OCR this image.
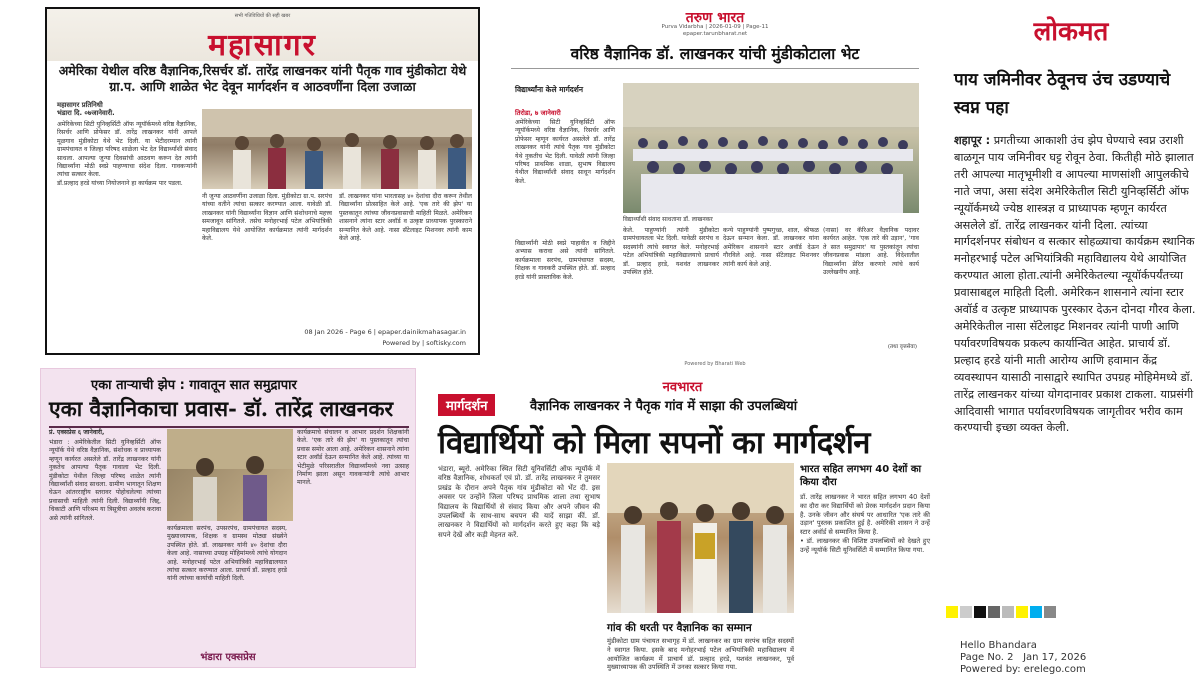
सभी गतिविधियों की सही खबर
महासागर
अमेरिका येथील वरिष्ठ वैज्ञानिक,रिसर्चर डॉ. तारेंद्र लाखनकर यांनी पैतृक गाव मुंडीकोटा येथे ग्रा.प. आणि शाळेत भेट देवून मार्गदर्शन व आठवणींना दिला उजाळा
महासागर प्रतिनिधी
भंडारा दि. ०७जानेवारी.
अमेरिकेच्या सिटी युनिव्हर्सिटी ऑफ न्यूयॉर्कमध्ये वरिष्ठ वैज्ञानिक, रिसर्चर आणि प्रोफेसर डॉ. तारेंद्र लाखनकर यांनी आपले मूळगाव मुंडीकोटा येथे भेट दिली. या भेटीदरम्यान त्यांनी ग्रामपंचायत व जिल्हा परिषद शाळेला भेट देत विद्यार्थ्यांशी संवाद साधला. आपल्या जुन्या दिवसांची आठवण करून देत त्यांनी विद्यार्थ्यांना मोठी स्वप्ने पाहण्याचा संदेश दिला. गावकऱ्यांनी त्यांचा सत्कार केला.
डॉ.प्रल्हाद हरडे यांच्या नियोजनाने हा कार्यक्रम पार पडला.
नी जुन्या आठवणींना उजाळा दिला. मुंडीकोटा ग्रा.प. सरपंच यांच्या वतीने त्यांचा सत्कार करण्यात आला. यावेळी डॉ. लाखनकर यांनी विद्यार्थ्यांना विज्ञान आणि संशोधनाचे महत्त्व समजावून सांगितले. तसेच मनोहरभाई पटेल अभियांत्रिकी महाविद्यालय येथे आयोजित कार्यक्रमात त्यांनी मार्गदर्शन केले.
डॉ. लाखनकर यांना भारतासह ४० देशांचा दौरा करून तेथील विद्यार्थ्यांना प्रोत्साहित केले आहे. 'एक तारे की झेप' या पुस्तकातून त्यांच्या जीवनप्रवासाची माहिती मिळते. अमेरिकन शासनाने त्यांना स्टार अवॉर्ड व उत्कृष्ट प्राध्यापक पुरस्काराने सन्मानित केले आहे. नासा सॅटेलाइट मिशनवर त्यांनी काम केले आहे.
08 Jan 2026 - Page 6 | epaper.dainikmahasagar.in
Powered by | softisky.com
तरुण भारत
Purva Vidarbha | 2026-01-09 | Page-11
epaper.tarunbharat.net
वरिष्ठ वैज्ञानिक डॉ. लाखनकर यांची मुंडीकोटाला भेट
विद्यार्थ्यांना केले मार्गदर्शन
तिरोडा, ७ जानेवारी
अमेरिकेच्या सिटी युनिव्हर्सिटी ऑफ न्यूयॉर्कमध्ये वरिष्ठ वैज्ञानिक, रिसर्चर आणि प्रोफेसर म्हणून कार्यरत असलेले डॉ. तारेंद्र लाखनकर यांनी त्यांचे पैतृक गाव मुंडीकोटा येथे नुकतीच भेट दिली. यावेळी त्यांनी जिल्हा परिषद प्राथमिक शाळा, सुभाष विद्यालय येथील विद्यार्थ्यांशी संवाद साधून मार्गदर्शन केले.
विद्यार्थ्यांनी मोठी स्वप्ने पाहावीत व जिद्दीने अभ्यास करावा असे त्यांनी सांगितले. कार्यक्रमाला सरपंच, ग्रामपंचायत सदस्य, शिक्षक व गावकरी उपस्थित होते. डॉ. प्रल्हाद हरडे यांनी प्रास्ताविक केले.
विद्यार्थ्यांशी संवाद साधताना डॉ. लाखनकर
केले. पाहुण्यांनी त्यांनी मुंडीकोटा ग्रामपंचायतला भेट दिली. यावेळी सरपंच व सदस्यांनी त्यांचे स्वागत केले. मनोहरभाई पटेल अभियांत्रिकी महाविद्यालयाचे प्राचार्य डॉ. प्रल्हाद हरडे, यशवंत लाखनकर उपस्थित होते.
कन्ये पाहुण्यांनी पुष्पगुच्छ, शाल, श्रीफळ देऊन सन्मान केला. डॉ. लाखनकर यांना अमेरिकन शासनाने स्टार अवॉर्ड देऊन गौरविले आहे. नासा सॅटेलाइट मिशनवर त्यांनी कार्य केले आहे.
(नासा) वर कॅरिअर वैज्ञानिक पदावर कार्यरत आहेत. 'एक तारे की उड़ान', 'गाव ते सात समुद्रापार' या पुस्तकांतून त्यांचा जीवनप्रवास मांडला आहे. विदेशातील विद्यार्थ्यांना प्रेरित करणारे त्यांचे कार्य उल्लेखनीय आहे.
(तथा वृत्तसेवा)
Powered by Bharati Web
लोकमत
पाय जमिनीवर ठेवूनच उंच उडण्याचे स्वप्न पहा
शहापूर : प्रगतीच्या आकाशी उंच झेप घेण्याचे स्वप्न उराशी बाळगून पाय जमिनीवर घट्ट रोवून ठेवा. कितीही मोठे झालात तरी आपल्या मातृभूमीशी व आपल्या माणसांशी आपुलकीचे नाते जपा, असा संदेश अमेरिकेतील सिटी युनिव्हर्सिटी ऑफ न्यूयॉर्कमध्ये ज्येष्ठ शास्त्रज्ञ व प्राध्यापक म्हणून कार्यरत असलेले डॉ. तारेंद्र लाखनकर यांनी दिला. त्यांच्या मार्गदर्शनपर संबोधन व सत्कार सोहळ्याचा कार्यक्रम स्थानिक मनोहरभाई पटेल अभियांत्रिकी महाविद्यालय येथे आयोजित करण्यात आला होता.त्यांनी अमेरिकेतल्या न्यूयॉर्कपर्यंतच्या प्रवासाबद्दल माहिती दिली. अमेरिकन शासनाने त्यांना स्टार अवॉर्ड व उत्कृष्ट प्राध्यापक पुरस्कार देऊन दोनदा गौरव केला. अमेरिकेतील नासा सॅटेलाइट मिशनवर त्यांनी पाणी आणि पर्यावरणविषयक प्रकल्प कार्यान्वित आहेत. प्राचार्य डॉ. प्रल्हाद हरडे यांनी माती आरोग्य आणि हवामान केंद्र व्यवस्थापन यासाठी नासाद्वारे स्थापित उपग्रह मोहिमेमध्ये डॉ. तारेंद्र लाखनकर यांच्या योगदानावर प्रकाश टाकला. याप्रसंगी आदिवासी भागात पर्यावरणविषयक जागृतीवर भरीव काम करण्याची इच्छा व्यक्त केली.
Hello Bhandara
Page No. 2 Jan 17, 2026
Powered by: erelego.com
एका ताऱ्याची झेप : गावातून सात समुद्रापार
एका वैज्ञानिकाचा प्रवास- डॉ. तारेंद्र लाखनकर
प्रं. एक्सप्रेस ६ जानेवारी,
भंडारा : अमेरिकेतील सिटी युनिव्हर्सिटी ऑफ न्यूयॉर्क येथे वरिष्ठ वैज्ञानिक, संशोधक व प्राध्यापक म्हणून कार्यरत असलेले डॉ. तारेंद्र लाखनकर यांनी नुकतेच आपल्या पैतृक गावाला भेट दिली. मुंडीकोटा येथील जिल्हा परिषद शाळेत त्यांनी विद्यार्थ्यांशी संवाद साधला. ग्रामीण भागातून शिक्षण घेऊन आंतरराष्ट्रीय स्तरावर पोहोचलेल्या त्यांच्या प्रवासाची माहिती त्यांनी दिली. विद्यार्थ्यांनी जिद्द, चिकाटी आणि परिश्रम या त्रिसूत्रीचा अवलंब करावा असे त्यांनी सांगितले.
कार्यक्रमाला सरपंच, उपसरपंच, ग्रामपंचायत सदस्य, मुख्याध्यापक, शिक्षक व ग्रामस्थ मोठ्या संख्येने उपस्थित होते. डॉ. लाखनकर यांनी ४० देशांचा दौरा केला आहे. नासाच्या उपग्रह मोहिमांमध्ये त्यांचे योगदान आहे. मनोहरभाई पटेल अभियांत्रिकी महाविद्यालयात त्यांचा सत्कार करण्यात आला. प्राचार्य डॉ. प्रल्हाद हरडे यांनी त्यांच्या कार्याची माहिती दिली.
कार्यक्रमाचे संचालन व आभार प्रदर्शन शिक्षकांनी केले. 'एक तारे की झेप' या पुस्तकातून त्यांचा प्रवास समोर आला आहे. अमेरिकन शासनाने त्यांना स्टार अवॉर्ड देऊन सन्मानित केले आहे. त्यांच्या या भेटीमुळे परिसरातील विद्यार्थ्यांमध्ये नवा उत्साह निर्माण झाला असून गावकऱ्यांनी त्यांचे आभार मानले.
भंडारा एक्सप्रेस
नवभारत
मार्गदर्शन	वैज्ञानिक लाखनकर ने पैतृक गांव में साझा की उपलब्धियां
विद्यार्थियों को मिला सपनों का मार्गदर्शन
भंडारा, ब्यूरो. अमेरिका स्थित सिटी यूनिवर्सिटी ऑफ न्यूयॉर्क में वरिष्ठ वैज्ञानिक, शोधकर्ता एवं प्रो. डॉ. तारेंद्र लाखनकर ने तुमसर प्रखंड के दौरान अपने पैतृक गांव मुंडीकोटा को भेंट दी. इस अवसर पर उन्होंने जिला परिषद प्राथमिक शाला तथा सुभाष विद्यालय के विद्यार्थियों से संवाद किया और अपने जीवन की उपलब्धियों के साथ-साथ बचपन की यादें साझा कीं. डॉ. लाखनकर ने विद्यार्थियों को मार्गदर्शन करते हुए कहा कि बड़े सपने देखें और कड़ी मेहनत करें.
गांव की धरती पर वैज्ञानिक का सम्मान
मुंडीकोटा ग्राम पंचायत सभागृह में डॉ. लाखनकर का ग्राम सरपंच सहित सदस्यों ने स्वागत किया. इसके बाद मनोहरभाई पटेल अभियांत्रिकी महाविद्यालय में आयोजित कार्यक्रम में प्राचार्य डॉ. प्रल्हाद हरडे, यशवंत लाखनकर, पूर्व मुख्याध्यापक की उपस्थिति में उनका सत्कार किया गया.
भारत सहित लगभग 40 देशों का किया दौरा
डॉ. तारेंद्र लाखनकर ने भारत सहित लगभग 40 देशों का दौरा कर विद्यार्थियों को प्रेरक मार्गदर्शन प्रदान किया है. उनके जीवन और संघर्ष पर आधारित 'एक तारे की उड़ान' पुस्तक प्रकाशित हुई है. अमेरिकी शासन ने उन्हें स्टार अवॉर्ड से सम्मानित किया है.
• डॉ. लाखनकर की विशिष्ट उपलब्धियों को देखते हुए उन्हें न्यूयॉर्क सिटी यूनिवर्सिटी में सम्मानित किया गया.
